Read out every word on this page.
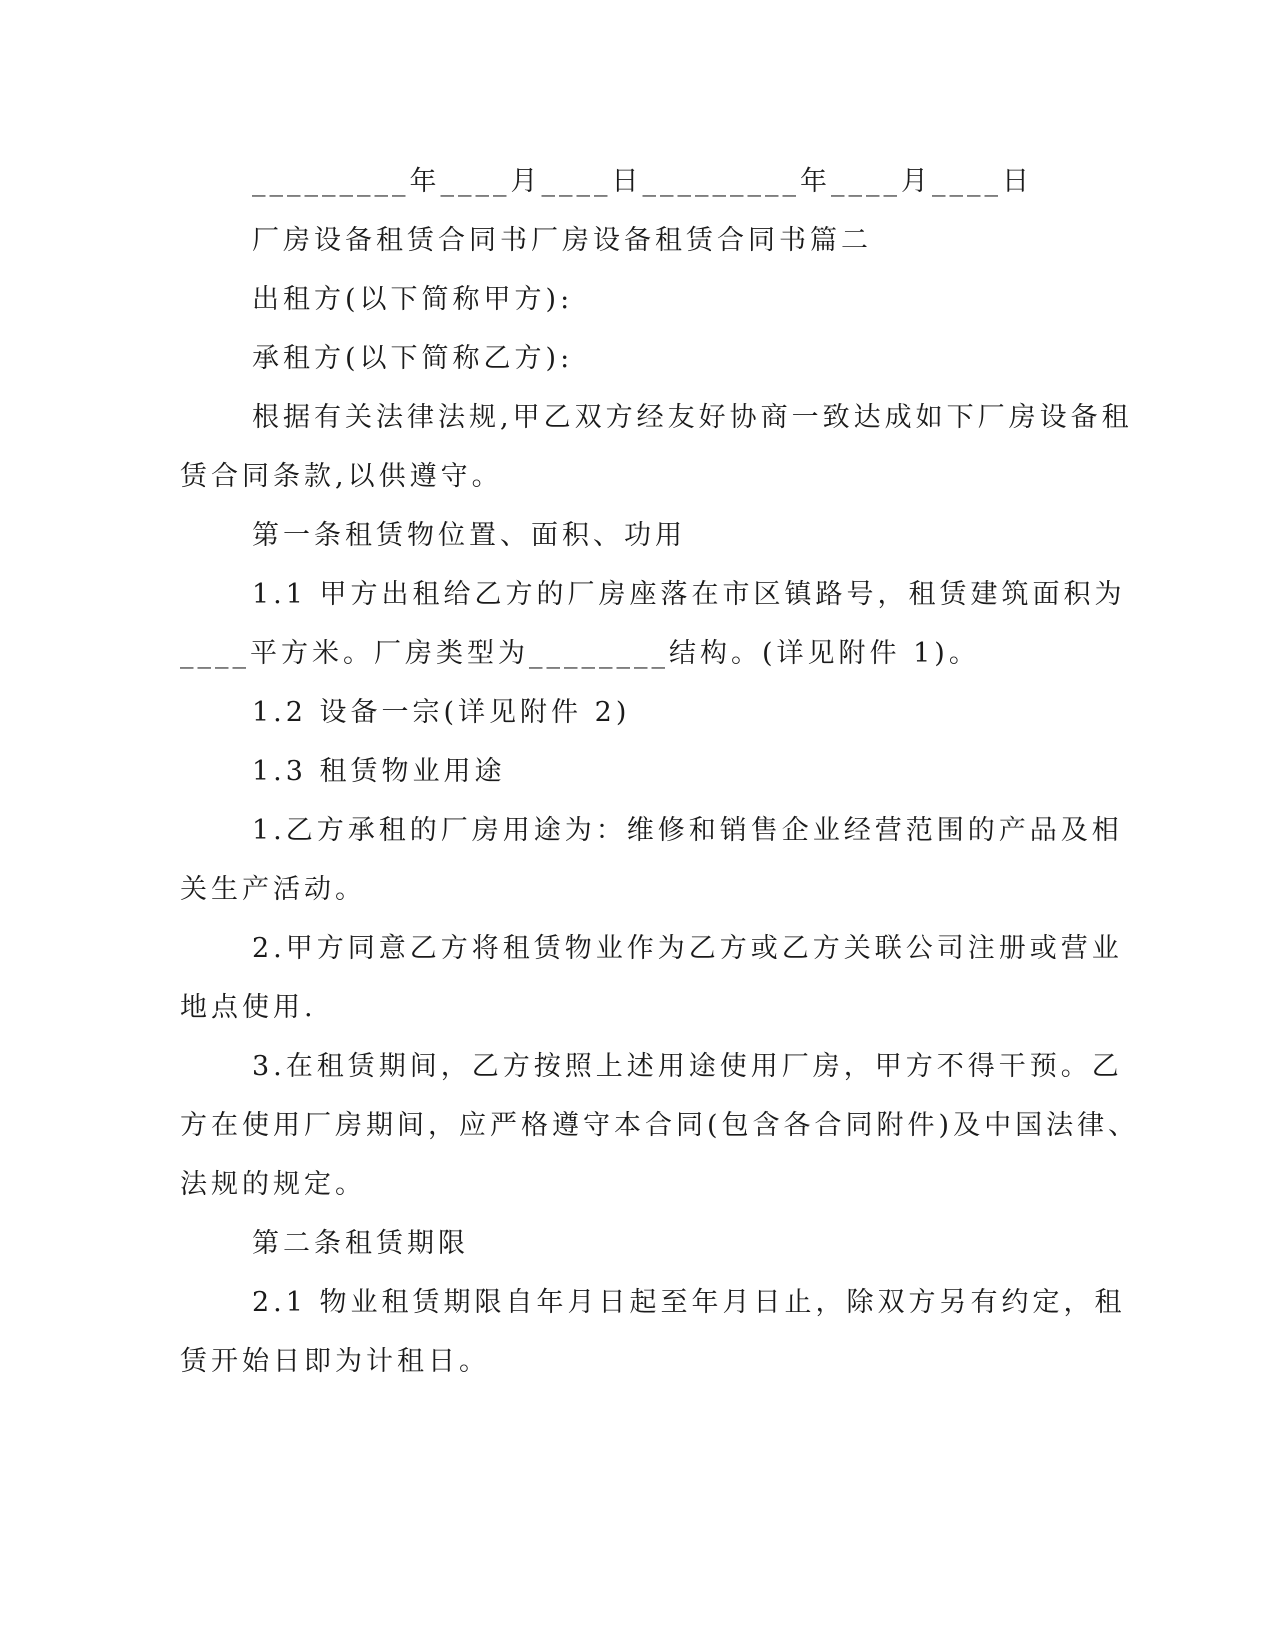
_________年____月____日_________年____月____日
厂房设备租赁合同书厂房设备租赁合同书篇二
出租方(以下简称甲方):
承租方(以下简称乙方):
根据有关法律法规,甲乙双方经友好协商一致达成如下厂房设备租
赁合同条款,以供遵守。
第一条租赁物位置、面积、功用
1.1 甲方出租给乙方的厂房座落在市区镇路号，租赁建筑面积为
____平方米。厂房类型为________结构。(详见附件 1)。
1.2 设备一宗(详见附件 2)
1.3 租赁物业用途
1.乙方承租的厂房用途为：维修和销售企业经营范围的产品及相
关生产活动。
2.甲方同意乙方将租赁物业作为乙方或乙方关联公司注册或营业
地点使用.
3.在租赁期间，乙方按照上述用途使用厂房，甲方不得干预。乙
方在使用厂房期间，应严格遵守本合同(包含各合同附件)及中国法律、
法规的规定。
第二条租赁期限
2.1 物业租赁期限自年月日起至年月日止，除双方另有约定，租
赁开始日即为计租日。
